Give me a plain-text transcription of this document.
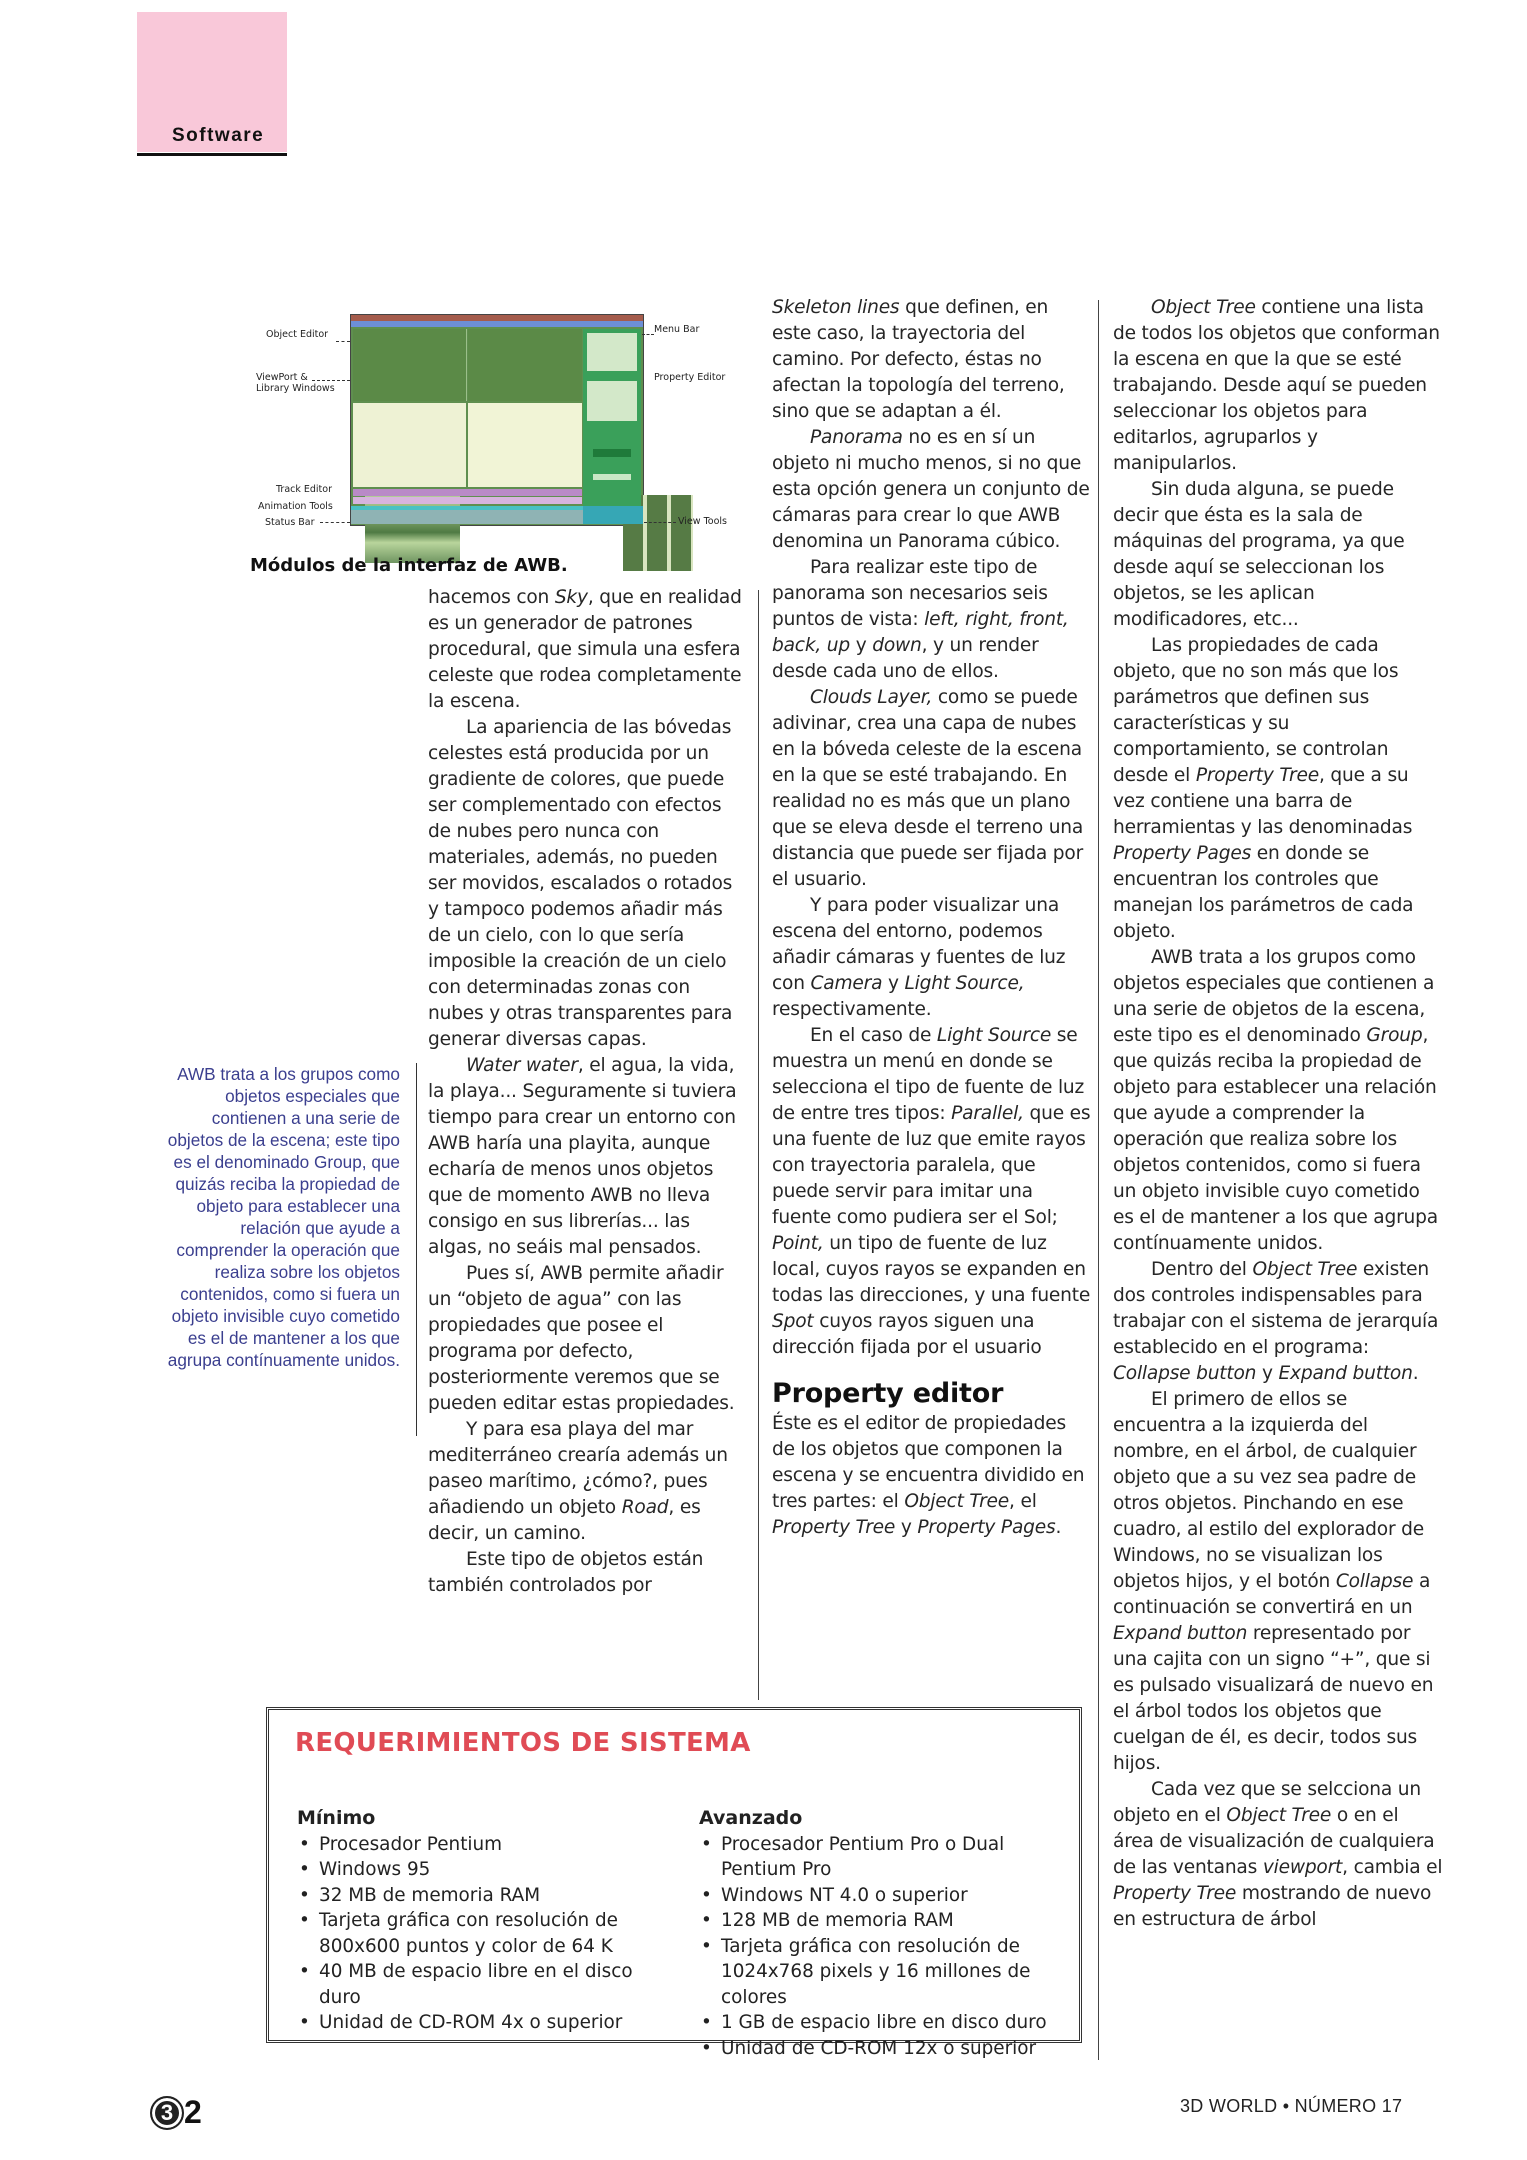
Software
Object Editor
ViewPort &
Library Windows
Track Editor
Animation Tools
Status Bar
Menu Bar
Property Editor
View Tools
Módulos de la interfaz de AWB.
AWB trata a los grupos como objetos especiales que contienen a una serie de objetos de la escena; este tipo es el denominado Group, que quizás reciba la propiedad de objeto para establecer una relación que ayude a comprender la operación que realiza sobre los objetos contenidos, como si fuera un objeto invisible cuyo cometido es el de mantener a los que agrupa contínuamente unidos.

hacemos con Sky, que en realidad es un generador de patrones procedural, que simula una esfera celeste que rodea completamente la escena.

La apariencia de las bóvedas celestes está producida por un gradiente de colores, que puede ser complementado con efectos de nubes pero nunca con materiales, además, no pueden ser movidos, escalados o rotados y tampoco podemos añadir más de un cielo, con lo que sería imposible la creación de un cielo con determinadas zonas con nubes y otras transparentes para generar diversas capas.

Water water, el agua, la vida, la playa... Seguramente si tuviera tiempo para crear un entorno con AWB haría una playita, aunque echaría de menos unos objetos que de momento AWB no lleva consigo en sus librerías... las algas, no seáis mal pensados.

Pues sí, AWB permite añadir un “objeto de agua” con las propiedades que posee el programa por defecto, posteriormente veremos que se pueden editar estas propiedades.

Y para esa playa del mar mediterráneo crearía además un paseo marítimo, ¿cómo?, pues añadiendo un objeto Road, es decir, un camino.

Este tipo de objetos están también controlados por

Skeleton lines que definen, en este caso, la trayectoria del camino. Por defecto, éstas no afectan la topología del terreno, sino que se adaptan a él.

Panorama no es en sí un objeto ni mucho menos, si no que esta opción genera un conjunto de cámaras para crear lo que AWB denomina un Panorama cúbico.

Para realizar este tipo de panorama son necesarios seis puntos de vista: left, right, front, back, up y down, y un render desde cada uno de ellos.

Clouds Layer, como se puede adivinar, crea una capa de nubes en la bóveda celeste de la escena en la que se esté trabajando. En realidad no es más que un plano que se eleva desde el terreno una distancia que puede ser fijada por el usuario.

Y para poder visualizar una escena del entorno, podemos añadir cámaras y fuentes de luz con Camera y Light Source, respectivamente.

En el caso de Light Source se muestra un menú en donde se selecciona el tipo de fuente de luz de entre tres tipos: Parallel, que es una fuente de luz que emite rayos con trayectoria paralela, que puede servir para imitar una fuente como pudiera ser el Sol; Point, un tipo de fuente de luz local, cuyos rayos se expanden en todas las direcciones, y una fuente Spot cuyos rayos siguen una dirección fijada por el usuario

Property editor

Éste es el editor de propiedades de los objetos que componen la escena y se encuentra dividido en tres partes: el Object Tree, el Property Tree y Property Pages.

Object Tree contiene una lista de todos los objetos que conforman la escena en que la que se esté trabajando. Desde aquí se pueden seleccionar los objetos para editarlos, agruparlos y manipularlos.

Sin duda alguna, se puede decir que ésta es la sala de máquinas del programa, ya que desde aquí se seleccionan los objetos, se les aplican modificadores, etc...

Las propiedades de cada objeto, que no son más que los parámetros que definen sus características y su comportamiento, se controlan desde el Property Tree, que a su vez contiene una barra de herramientas y las denominadas Property Pages en donde se encuentran los controles que manejan los parámetros de cada objeto.

AWB trata a los grupos como objetos especiales que contienen a una serie de objetos de la escena, este tipo es el denominado Group, que quizás reciba la propiedad de objeto para establecer una relación que ayude a comprender la operación que realiza sobre los objetos contenidos, como si fuera un objeto invisible cuyo cometido es el de mantener a los que agrupa contínuamente unidos.

Dentro del Object Tree existen dos controles indispensables para trabajar con el sistema de jerarquía establecido en el programa: Collapse button y Expand button.

El primero de ellos se encuentra a la izquierda del nombre, en el árbol, de cualquier objeto que a su vez sea padre de otros objetos. Pinchando en ese cuadro, al estilo del explorador de Windows, no se visualizan los objetos hijos, y el botón Collapse a continuación se convertirá en un Expand button representado por una cajita con un signo “+”, que si es pulsado visualizará de nuevo en el árbol todos los objetos que cuelgan de él, es decir, todos sus hijos.

Cada vez que se selcciona un objeto en el Object Tree o en el área de visualización de cualquiera de las ventanas viewport, cambia el Property Tree mostrando de nuevo en estructura de árbol

REQUERIMIENTOS DE SISTEMA
Mínimo
• Procesador Pentium
• Windows 95
• 32 MB de memoria RAM
• Tarjeta gráfica con resolución de 800x600 puntos y color de 64 K
• 40 MB de espacio libre en el disco duro
• Unidad de CD-ROM 4x o superior
Avanzado
• Procesador Pentium Pro o Dual Pentium Pro
• Windows NT 4.0 o superior
• 128 MB de memoria RAM
• Tarjeta gráfica con resolución de 1024x768 pixels y 16 millones de colores
• 1 GB de espacio libre en disco duro
• Unidad de CD-ROM 12x o superior
3 2	3D WORLD • NÚMERO 17
